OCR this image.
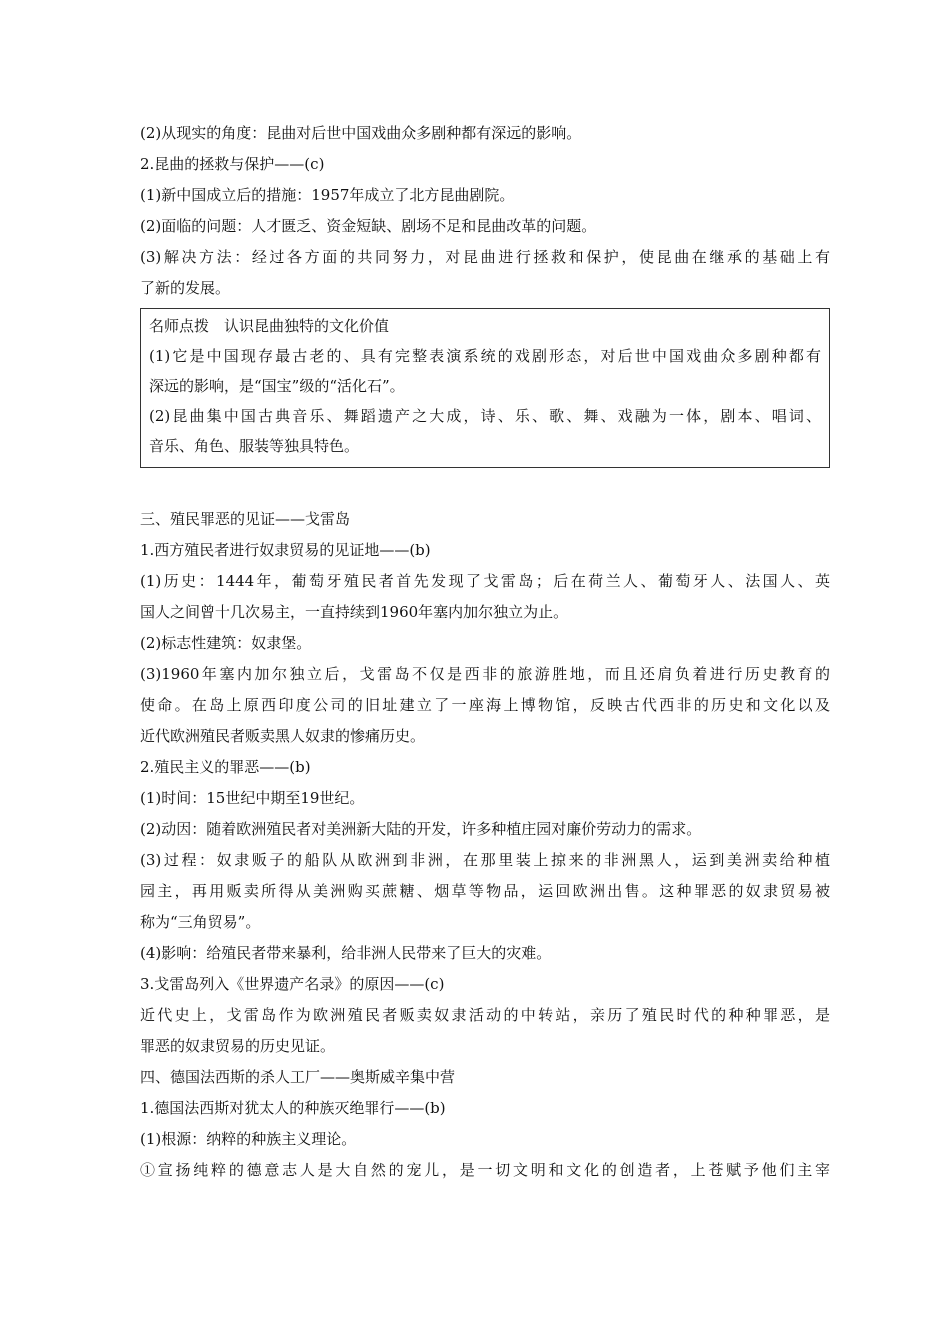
(2)从现实的角度：昆曲对后世中国戏曲众多剧种都有深远的影响。
2.昆曲的拯救与保护——(c)
(1)新中国成立后的措施：1957年成立了北方昆曲剧院。
(2)面临的问题：人才匮乏、资金短缺、剧场不足和昆曲改革的问题。
(3)解决方法：经过各方面的共同努力，对昆曲进行拯救和保护，使昆曲在继承的基础上有
了新的发展。
名师点拨　认识昆曲独特的文化价值
(1)它是中国现存最古老的、具有完整表演系统的戏剧形态，对后世中国戏曲众多剧种都有
深远的影响，是“国宝”级的“活化石”。
(2)昆曲集中国古典音乐、舞蹈遗产之大成，诗、乐、歌、舞、戏融为一体，剧本、唱词、
音乐、角色、服装等独具特色。
三、殖民罪恶的见证——戈雷岛
1.西方殖民者进行奴隶贸易的见证地——(b)
(1)历史：1444年，葡萄牙殖民者首先发现了戈雷岛；后在荷兰人、葡萄牙人、法国人、英
国人之间曾十几次易主，一直持续到1960年塞内加尔独立为止。
(2)标志性建筑：奴隶堡。
(3)1960年塞内加尔独立后，戈雷岛不仅是西非的旅游胜地，而且还肩负着进行历史教育的
使命。在岛上原西印度公司的旧址建立了一座海上博物馆，反映古代西非的历史和文化以及
近代欧洲殖民者贩卖黑人奴隶的惨痛历史。
2.殖民主义的罪恶——(b)
(1)时间：15世纪中期至19世纪。
(2)动因：随着欧洲殖民者对美洲新大陆的开发，许多种植庄园对廉价劳动力的需求。
(3)过程：奴隶贩子的船队从欧洲到非洲，在那里装上掠来的非洲黑人，运到美洲卖给种植
园主，再用贩卖所得从美洲购买蔗糖、烟草等物品，运回欧洲出售。这种罪恶的奴隶贸易被
称为“三角贸易”。
(4)影响：给殖民者带来暴利，给非洲人民带来了巨大的灾难。
3.戈雷岛列入《世界遗产名录》的原因——(c)
近代史上，戈雷岛作为欧洲殖民者贩卖奴隶活动的中转站，亲历了殖民时代的种种罪恶，是
罪恶的奴隶贸易的历史见证。
四、德国法西斯的杀人工厂——奥斯威辛集中营
1.德国法西斯对犹太人的种族灭绝罪行——(b)
(1)根源：纳粹的种族主义理论。
①宣扬纯粹的德意志人是大自然的宠儿，是一切文明和文化的创造者，上苍赋予他们主宰
